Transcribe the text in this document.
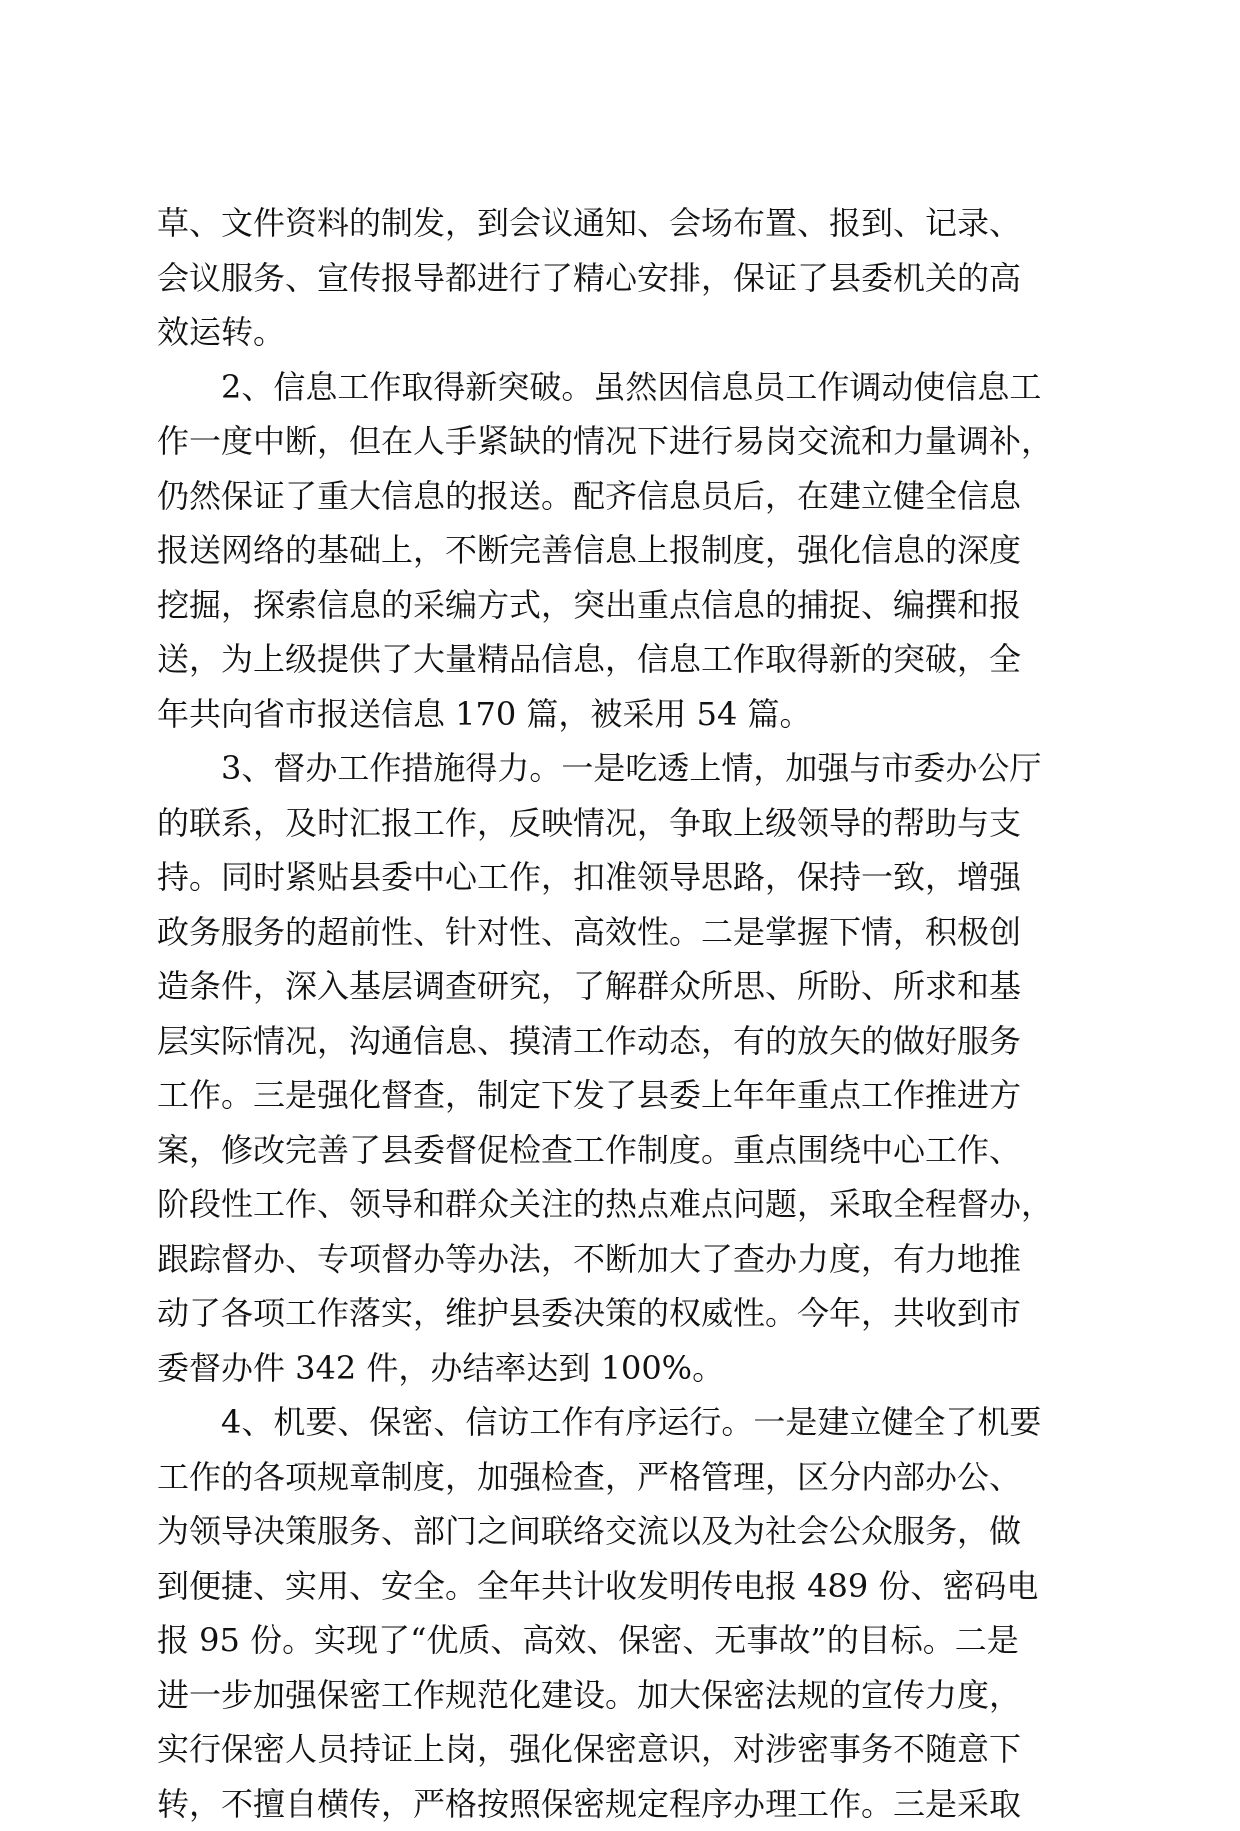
草、文件资料的制发，到会议通知、会场布置、报到、记录、
会议服务、宣传报导都进行了精心安排，保证了县委机关的高
效运转。
2、信息工作取得新突破。虽然因信息员工作调动使信息工
作一度中断，但在人手紧缺的情况下进行易岗交流和力量调补，
仍然保证了重大信息的报送。配齐信息员后，在建立健全信息
报送网络的基础上，不断完善信息上报制度，强化信息的深度
挖掘，探索信息的采编方式，突出重点信息的捕捉、编撰和报
送，为上级提供了大量精品信息，信息工作取得新的突破，全
年共向省市报送信息 170 篇，被采用 54 篇。
3、督办工作措施得力。一是吃透上情，加强与市委办公厅
的联系，及时汇报工作，反映情况，争取上级领导的帮助与支
持。同时紧贴县委中心工作，扣准领导思路，保持一致，增强
政务服务的超前性、针对性、高效性。二是掌握下情，积极创
造条件，深入基层调查研究，了解群众所思、所盼、所求和基
层实际情况，沟通信息、摸清工作动态，有的放矢的做好服务
工作。三是强化督查，制定下发了县委上年年重点工作推进方
案，修改完善了县委督促检查工作制度。重点围绕中心工作、
阶段性工作、领导和群众关注的热点难点问题，采取全程督办，
跟踪督办、专项督办等办法，不断加大了查办力度，有力地推
动了各项工作落实，维护县委决策的权威性。今年，共收到市
委督办件 342 件，办结率达到 100%。
4、机要、保密、信访工作有序运行。一是建立健全了机要
工作的各项规章制度，加强检查，严格管理，区分内部办公、
为领导决策服务、部门之间联络交流以及为社会公众服务，做
到便捷、实用、安全。全年共计收发明传电报 489 份、密码电
报 95 份。实现了“优质、高效、保密、无事故”的目标。二是
进一步加强保密工作规范化建设。加大保密法规的宣传力度，
实行保密人员持证上岗，强化保密意识，对涉密事务不随意下
转，不擅自横传，严格按照保密规定程序办理工作。三是采取
